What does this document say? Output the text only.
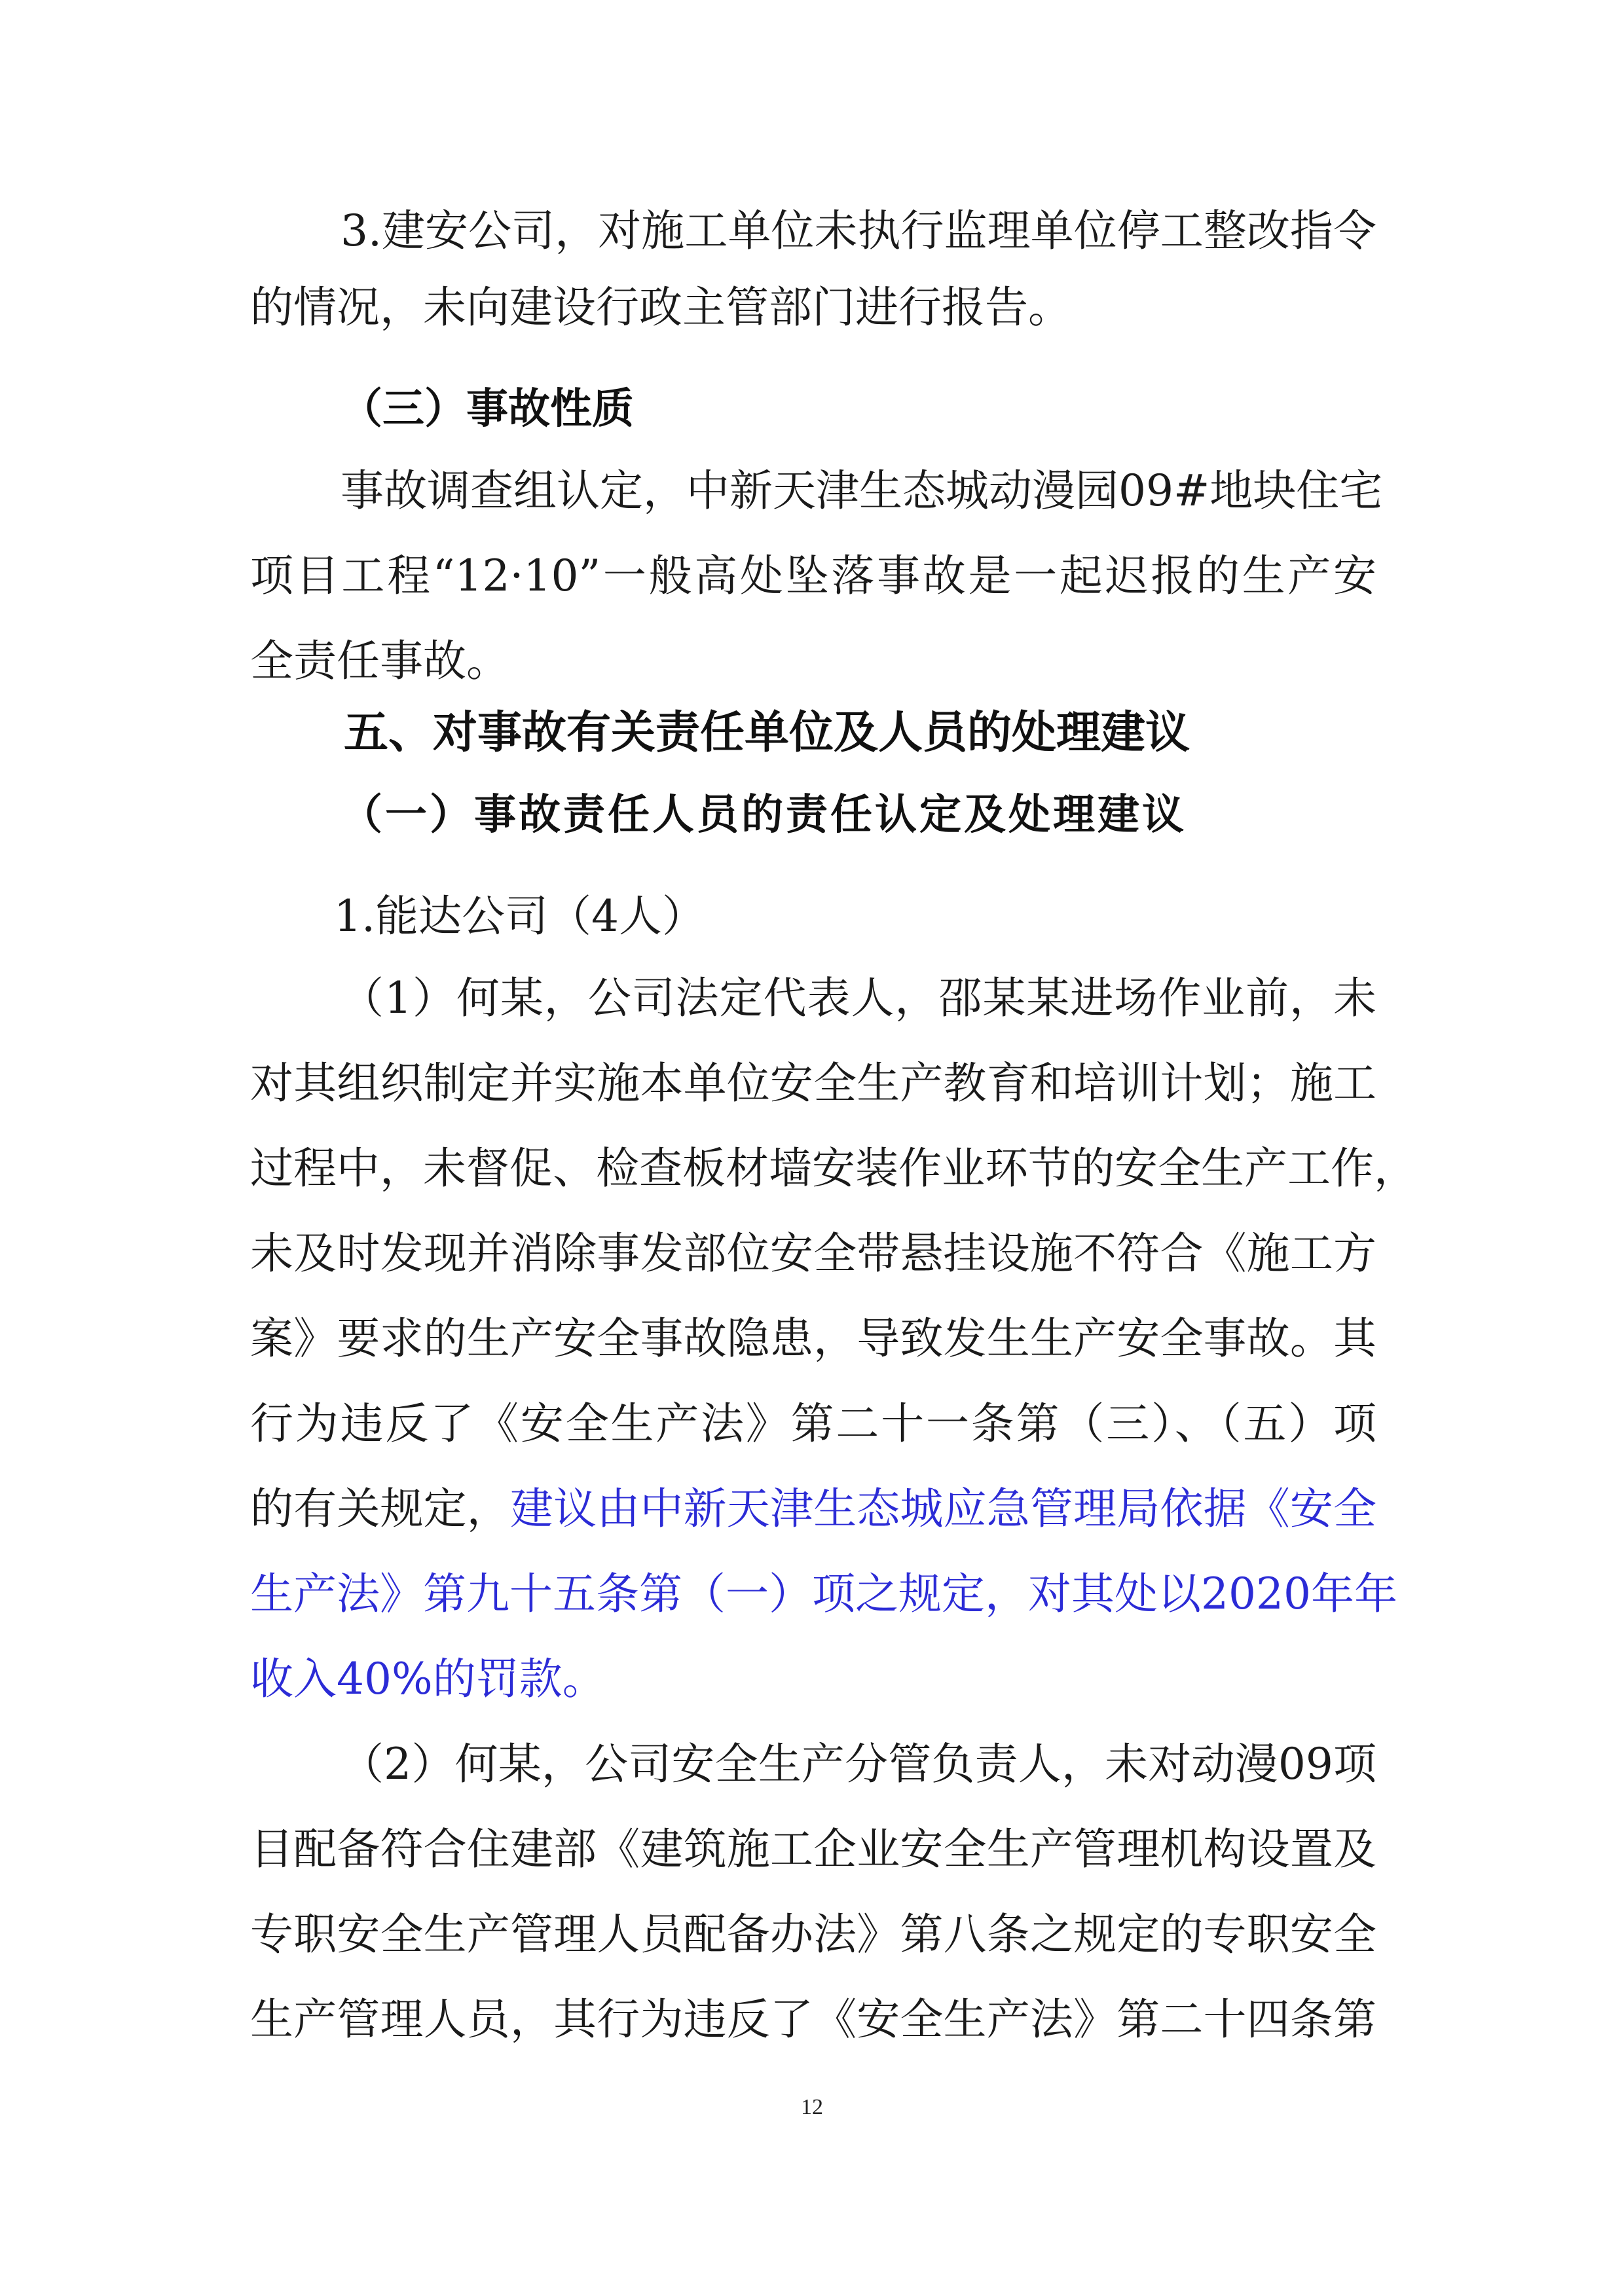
3.建安公司，对施工单位未执行监理单位停工整改指令
的情况，未向建设行政主管部门进行报告。
（三）事故性质
事故调查组认定，中新天津生态城动漫园09#地块住宅
项目工程“12·10”一般高处坠落事故是一起迟报的生产安
全责任事故。
五、对事故有关责任单位及人员的处理建议
（一）事故责任人员的责任认定及处理建议
1.能达公司（4人）
（1）何某，公司法定代表人，邵某某进场作业前，未
对其组织制定并实施本单位安全生产教育和培训计划；施工
过程中，未督促、检查板材墙安装作业环节的安全生产工作，
未及时发现并消除事发部位安全带悬挂设施不符合《施工方
案》要求的生产安全事故隐患，导致发生生产安全事故。其
行为违反了《安全生产法》第二十一条第（三）、（五）项
的有关规定，建议由中新天津生态城应急管理局依据《安全
生产法》第九十五条第（一）项之规定，对其处以2020年年
收入40%的罚款。
（2）何某，公司安全生产分管负责人，未对动漫09项
目配备符合住建部《建筑施工企业安全生产管理机构设置及
专职安全生产管理人员配备办法》第八条之规定的专职安全
生产管理人员，其行为违反了《安全生产法》第二十四条第
12
